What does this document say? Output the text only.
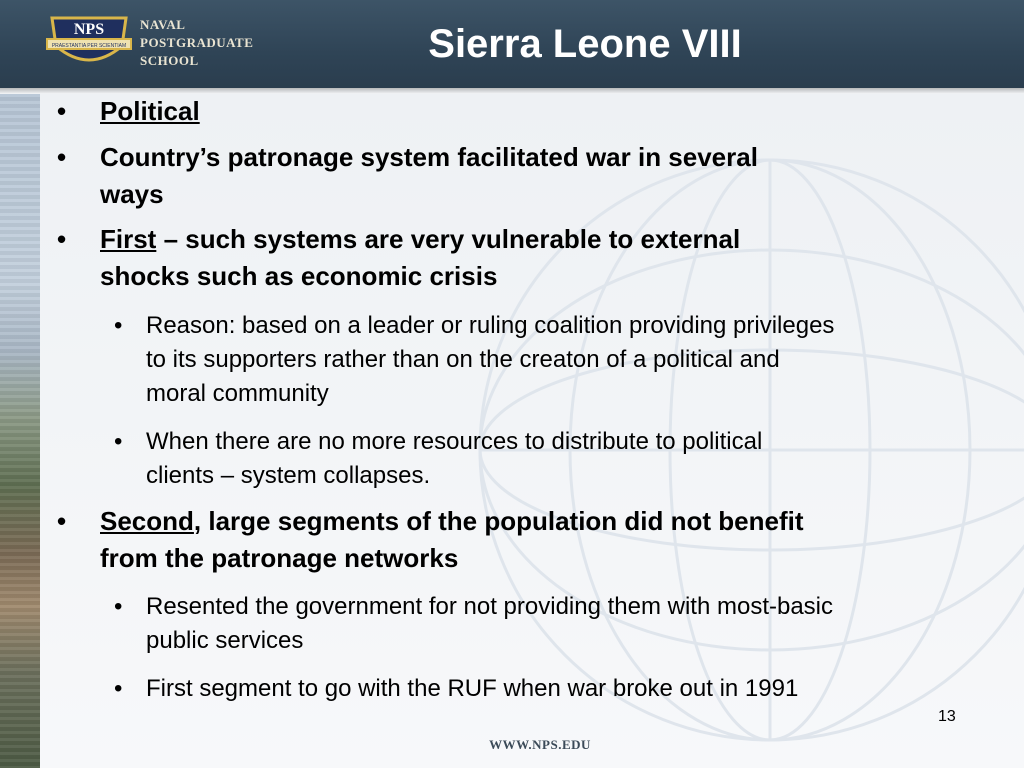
NPS
PRAESTANTIA PER SCIENTIAM
NAVAL
POSTGRADUATE
SCHOOL	Sierra Leone VIII
• Political
• Country’s patronage system facilitated war in several
ways
• First – such systems are very vulnerable to external
shocks such as economic crisis
• Reason: based on a leader or ruling coalition providing privileges
to its supporters rather than on the creaton of a political and
moral community
• When there are no more resources to distribute to political
clients – system collapses.
• Second, large segments of the population did not benefit
from the patronage networks
• Resented the government for not providing them with most-basic
public services
• First segment to go with the RUF when war broke out in 1991
13
WWW.NPS.EDU
